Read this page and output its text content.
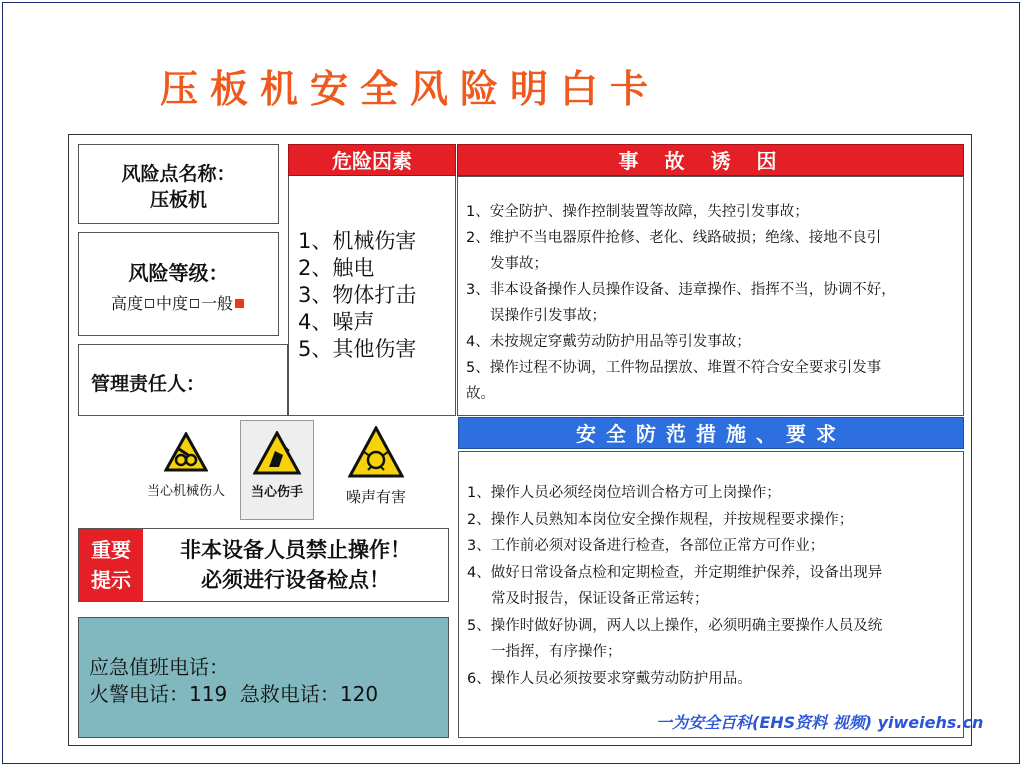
压板机安全风险明白卡
风险点名称：
压板机
风险等级：
高度 中度 一般
管理责任人：
危险因素
1、机械伤害
2、触电
3、物体打击
4、噪声
5、其他伤害
事故诱因
1、安全防护、操作控制装置等故障，失控引发事故；
2、维护不当电器原件抢修、老化、线路破损；绝缘、接地不良引
发事故；
3、非本设备操作人员操作设备、违章操作、指挥不当，协调不好，
误操作引发事故；
4、未按规定穿戴劳动防护用品等引发事故；
5、操作过程不协调，工件物品摆放、堆置不符合安全要求引发事
故。
安全防范措施、要求
1、操作人员必须经岗位培训合格方可上岗操作；
2、操作人员熟知本岗位安全操作规程，并按规程要求操作；
3、工作前必须对设备进行检查，各部位正常方可作业；
4、做好日常设备点检和定期检查，并定期维护保养，设备出现异
常及时报告，保证设备正常运转；
5、操作时做好协调，两人以上操作，必须明确主要操作人员及统
一指挥，有序操作；
6、操作人员必须按要求穿戴劳动防护用品。
当心机械伤人	当心伤手	噪声有害
重要
提示
非本设备人员禁止操作！
必须进行设备检点！
应急值班电话：
火警电话：119  急救电话：120
一为安全百科(EHS资料 视频) yiweiehs.cn
